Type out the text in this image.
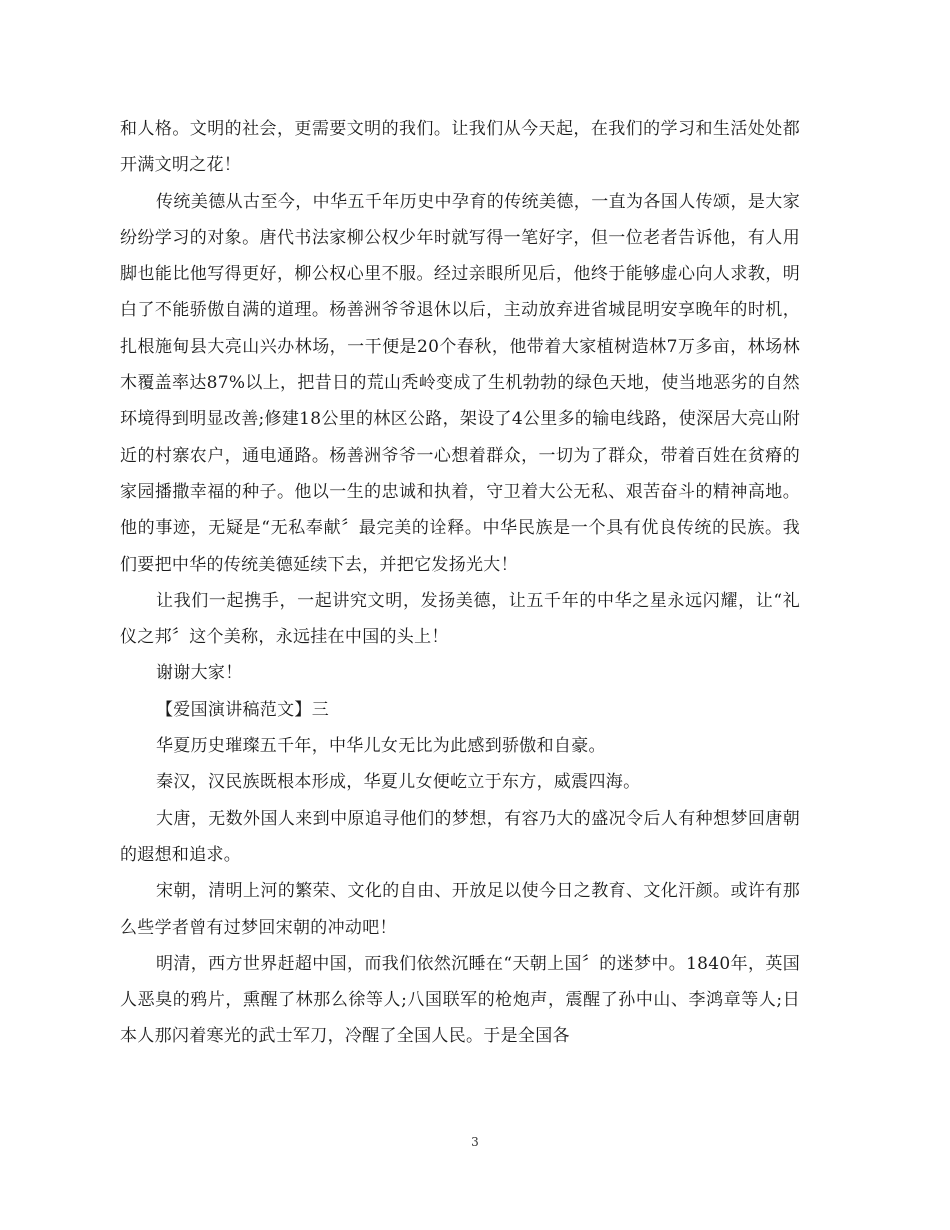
和人格。文明的社会，更需要文明的我们。让我们从今天起，在我们的学习和生活处处都开满文明之花！

传统美德从古至今，中华五千年历史中孕育的传统美德，一直为各国人传颂，是大家纷纷学习的对象。唐代书法家柳公权少年时就写得一笔好字，但一位老者告诉他，有人用脚也能比他写得更好，柳公权心里不服。经过亲眼所见后，他终于能够虚心向人求教，明白了不能骄傲自满的道理。杨善洲爷爷退休以后，主动放弃进省城昆明安享晚年的时机，扎根施甸县大亮山兴办林场，一干便是20个春秋，他带着大家植树造林7万多亩，林场林木覆盖率达87%以上，把昔日的荒山秃岭变成了生机勃勃的绿色天地，使当地恶劣的自然环境得到明显改善;修建18公里的林区公路，架设了4公里多的输电线路，使深居大亮山附近的村寨农户，通电通路。杨善洲爷爷一心想着群众，一切为了群众，带着百姓在贫瘠的家园播撒幸福的种子。他以一生的忠诚和执着，守卫着大公无私、艰苦奋斗的精神高地。他的事迹，无疑是“无私奉献〞最完美的诠释。中华民族是一个具有优良传统的民族。我们要把中华的传统美德延续下去，并把它发扬光大！

让我们一起携手，一起讲究文明，发扬美德，让五千年的中华之星永远闪耀，让“礼仪之邦〞这个美称，永远挂在中国的头上！

谢谢大家！

【爱国演讲稿范文】三

华夏历史璀璨五千年，中华儿女无比为此感到骄傲和自豪。

秦汉，汉民族既根本形成，华夏儿女便屹立于东方，威震四海。

大唐，无数外国人来到中原追寻他们的梦想，有容乃大的盛况令后人有种想梦回唐朝的遐想和追求。

宋朝，清明上河的繁荣、文化的自由、开放足以使今日之教育、文化汗颜。或许有那么些学者曾有过梦回宋朝的冲动吧！

明清，西方世界赶超中国，而我们依然沉睡在“天朝上国〞的迷梦中。1840年，英国人恶臭的鸦片，熏醒了林那么徐等人;八国联军的枪炮声，震醒了孙中山、李鸿章等人;日本人那闪着寒光的武士军刀，冷醒了全国人民。于是全国各

3
